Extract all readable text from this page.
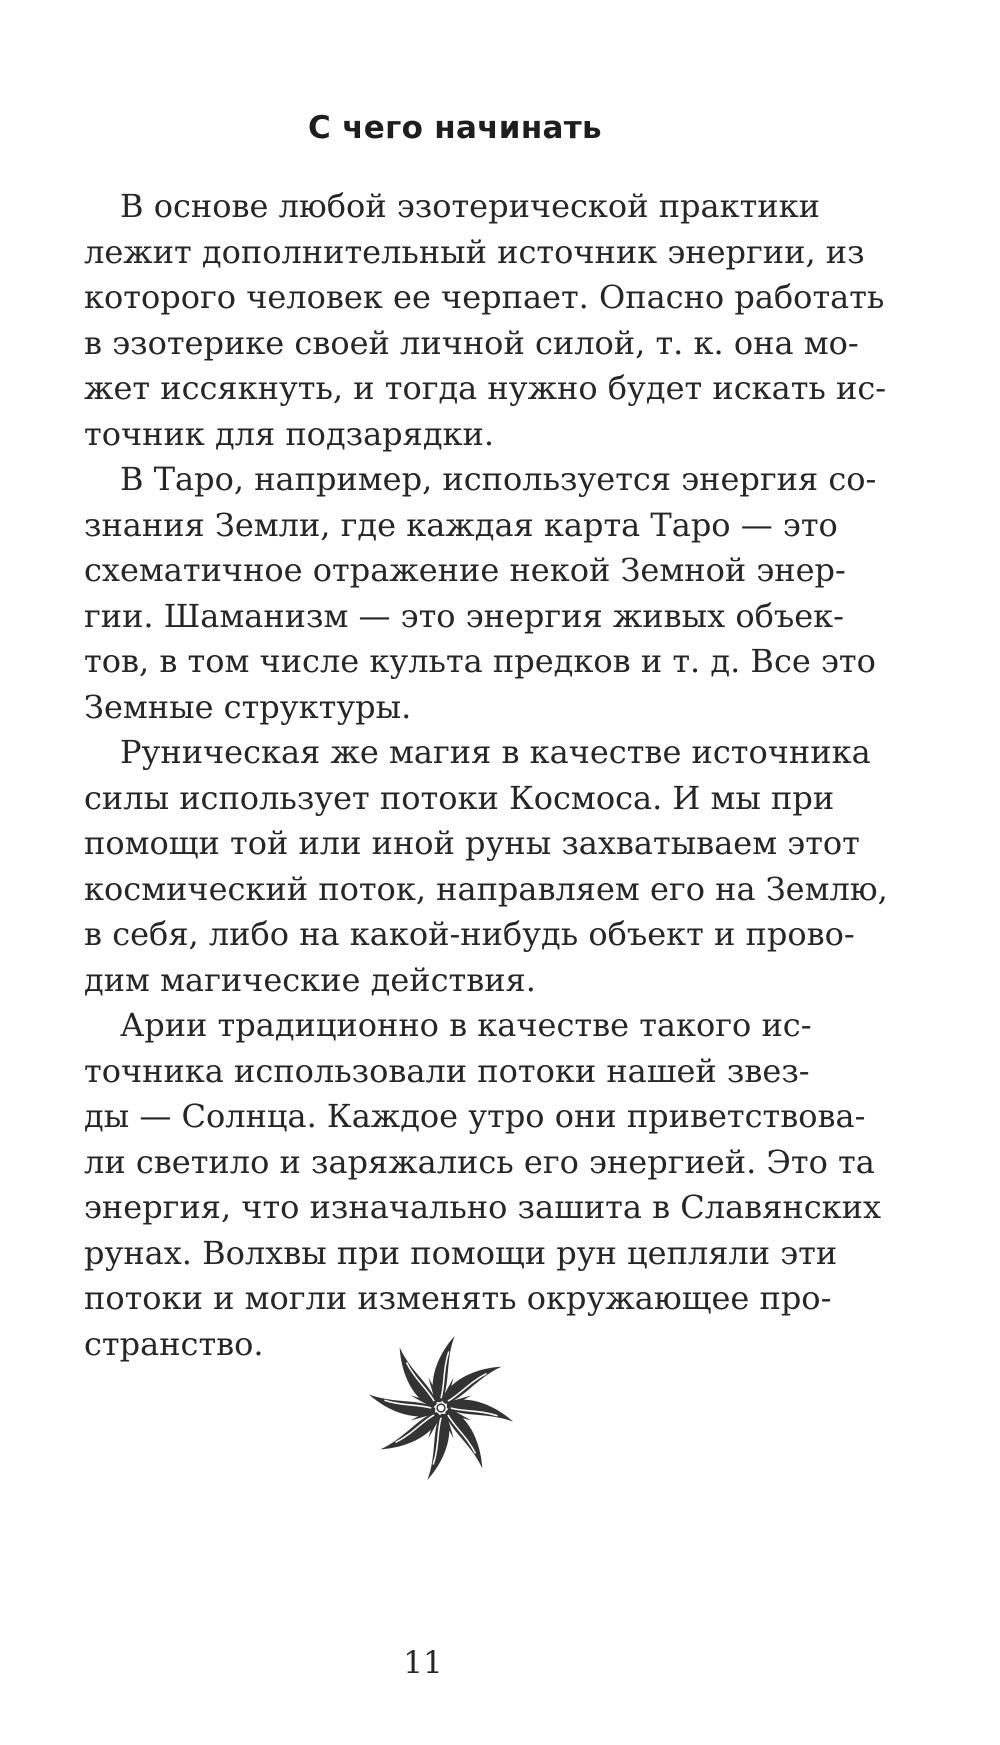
С чего начинать

В основе любой эзотерической практики
лежит дополнительный источник энергии, из
которого человек ее черпает. Опасно работать
в эзотерике своей личной силой, т. к. она мо-
жет иссякнуть, и тогда нужно будет искать ис-
точник для подзарядки.

В Таро, например, используется энергия со-
знания Земли, где каждая карта Таро — это
схематичное отражение некой Земной энер-
гии. Шаманизм — это энергия живых объек-
тов, в том числе культа предков и т. д. Все это
Земные структуры.

Руническая же магия в качестве источника
силы использует потоки Космоса. И мы при
помощи той или иной руны захватываем этот
космический поток, направляем его на Землю,
в себя, либо на какой-нибудь объект и прово-
дим магические действия.

Арии традиционно в качестве такого ис-
точника использовали потоки нашей звез-
ды — Солнца. Каждое утро они приветствова-
ли светило и заряжались его энергией. Это та
энергия, что изначально зашита в Славянских
рунах. Волхвы при помощи рун цепляли эти
потоки и могли изменять окружающее про-
странство.

11
